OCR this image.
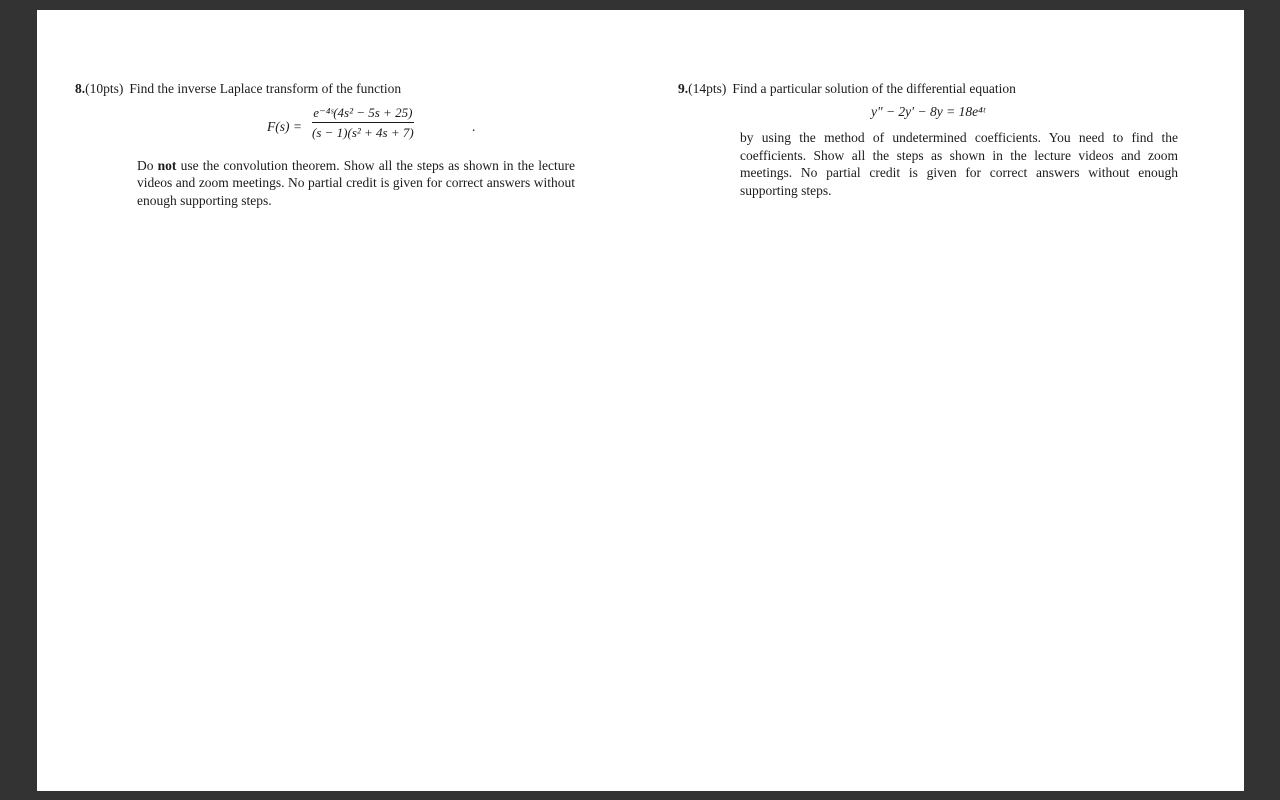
8.(10pts) Find the inverse Laplace transform of the function
F(s) =
e⁻⁴ˢ(4s² − 5s + 25)
(s − 1)(s² + 4s + 7)	.
Do not use the convolution theorem. Show all the steps as shown in the lecture videos and zoom meetings. No partial credit is given for correct answers without enough supporting steps.
9.(14pts) Find a particular solution of the differential equation
y″ − 2y′ − 8y = 18e⁴ᵗ
by using the method of undetermined coefficients. You need to find the coefficients. Show all the steps as shown in the lecture videos and zoom meetings. No partial credit is given for correct answers without enough supporting steps.
